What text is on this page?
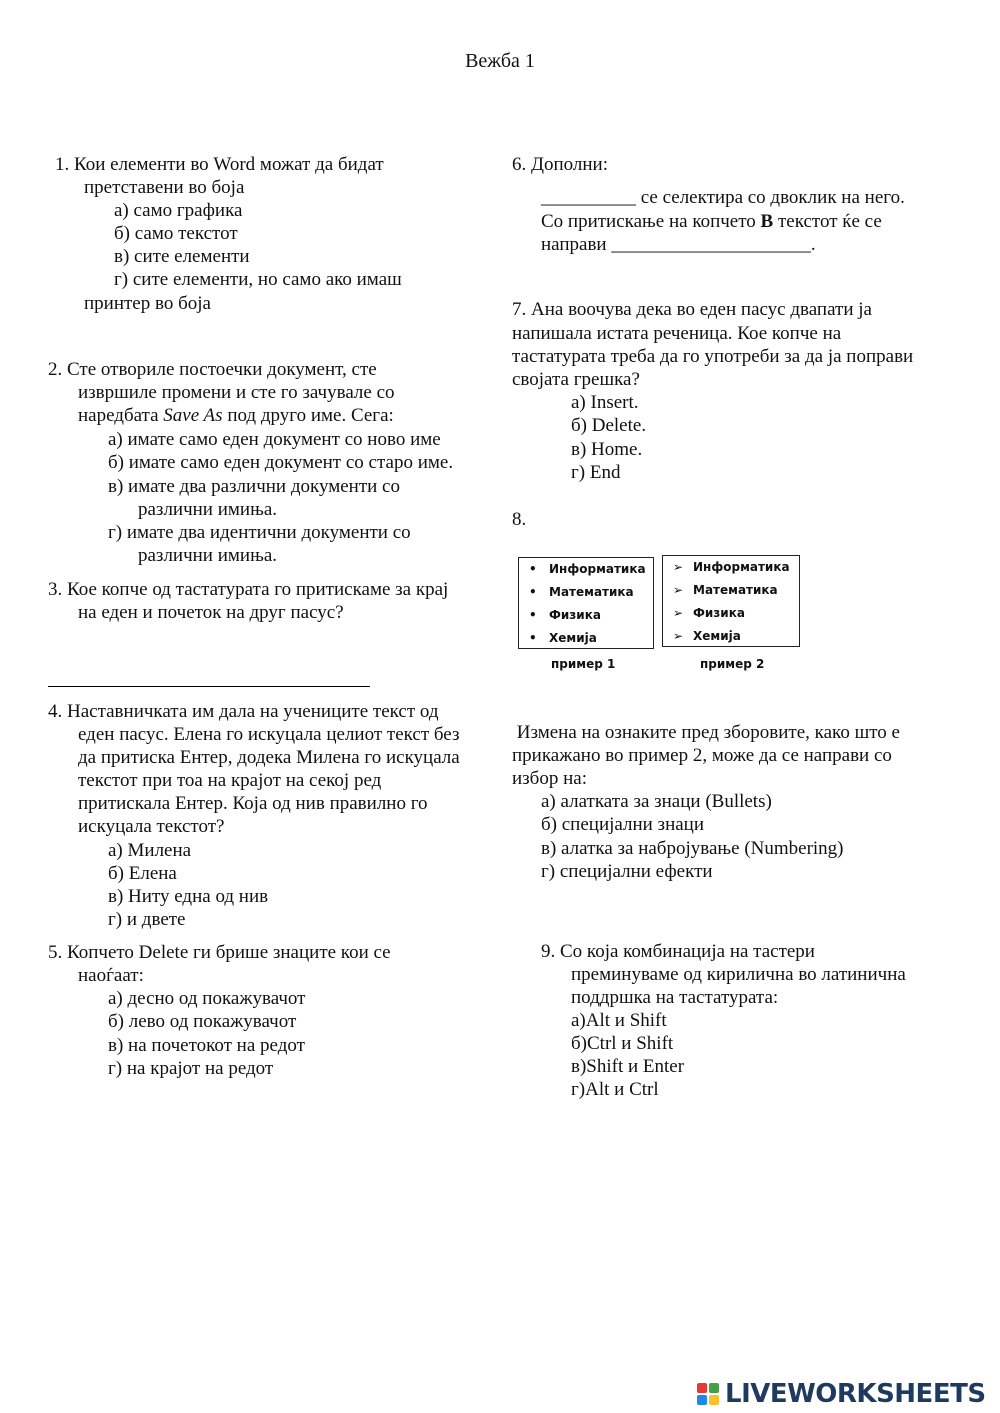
Вежба 1
1. Кои елементи во Word можат да бидат
претставени во боја
а) само графика
б) само текстот
в) сите елементи
г) сите елементи, но само ако имаш
принтер во боја
2. Сте отвориле постоечки документ, сте
извршиле промени и сте го зачувале со
наредбата Save As под друго име. Сега:
а) имате само еден документ со ново име
б) имате само еден документ со старо име.
в) имате два различни документи со
различни имиња.
г) имате два идентични документи со
различни имиња.
3. Кое копче од тастатурата го притискаме за крај
на еден и почеток на друг пасус?
4. Наставничката им дала на учениците текст од
еден пасус. Елена го искуцала целиот текст без
да притиска Ентер, додека Милена го искуцала
текстот при тоа на крајот на секој ред
притискала Ентер. Која од нив правилно го
искуцала текстот?
а) Милена
б) Елена
в) Ниту една од нив
г) и двете
5. Копчето Delete ги брише знаците кои се
наоѓаат:
а) десно од покажувачот
б) лево од покажувачот
в) на почетокот на редот
г) на крајот на редот
6. Дополни:
__________ се селектира со двоклик на него.
Со притискање на копчето B текстот ќе се
направи _____________________.
7. Ана воочува дека во еден пасус двапати ја
напишала истата реченица. Кое копче на
тастатурата треба да го употреби за да ја поправи
својата грешка?
а) Insert.
б) Delete.
в) Home.
г) End
8.
• Информатика
• Математика
• Физика
• Хемија
пример 1
➢ Информатика
➢ Математика
➢ Физика
➢ Хемија
пример 2
Измена на ознаките пред зборовите, како што е
прикажано во пример 2, може да се направи со
избор на:
а) алатката за знаци (Bullets)
б) специјални знаци
в) алатка за набројување (Numbering)
г) специјални ефекти
9. Со која комбинација на тастери
преминуваме од кирилична во латинична
поддршка на тастатурата:
а)Alt и Shift
б)Ctrl и Shift
в)Shift и Enter
г)Alt и Ctrl
LIVEWORKSHEETS
